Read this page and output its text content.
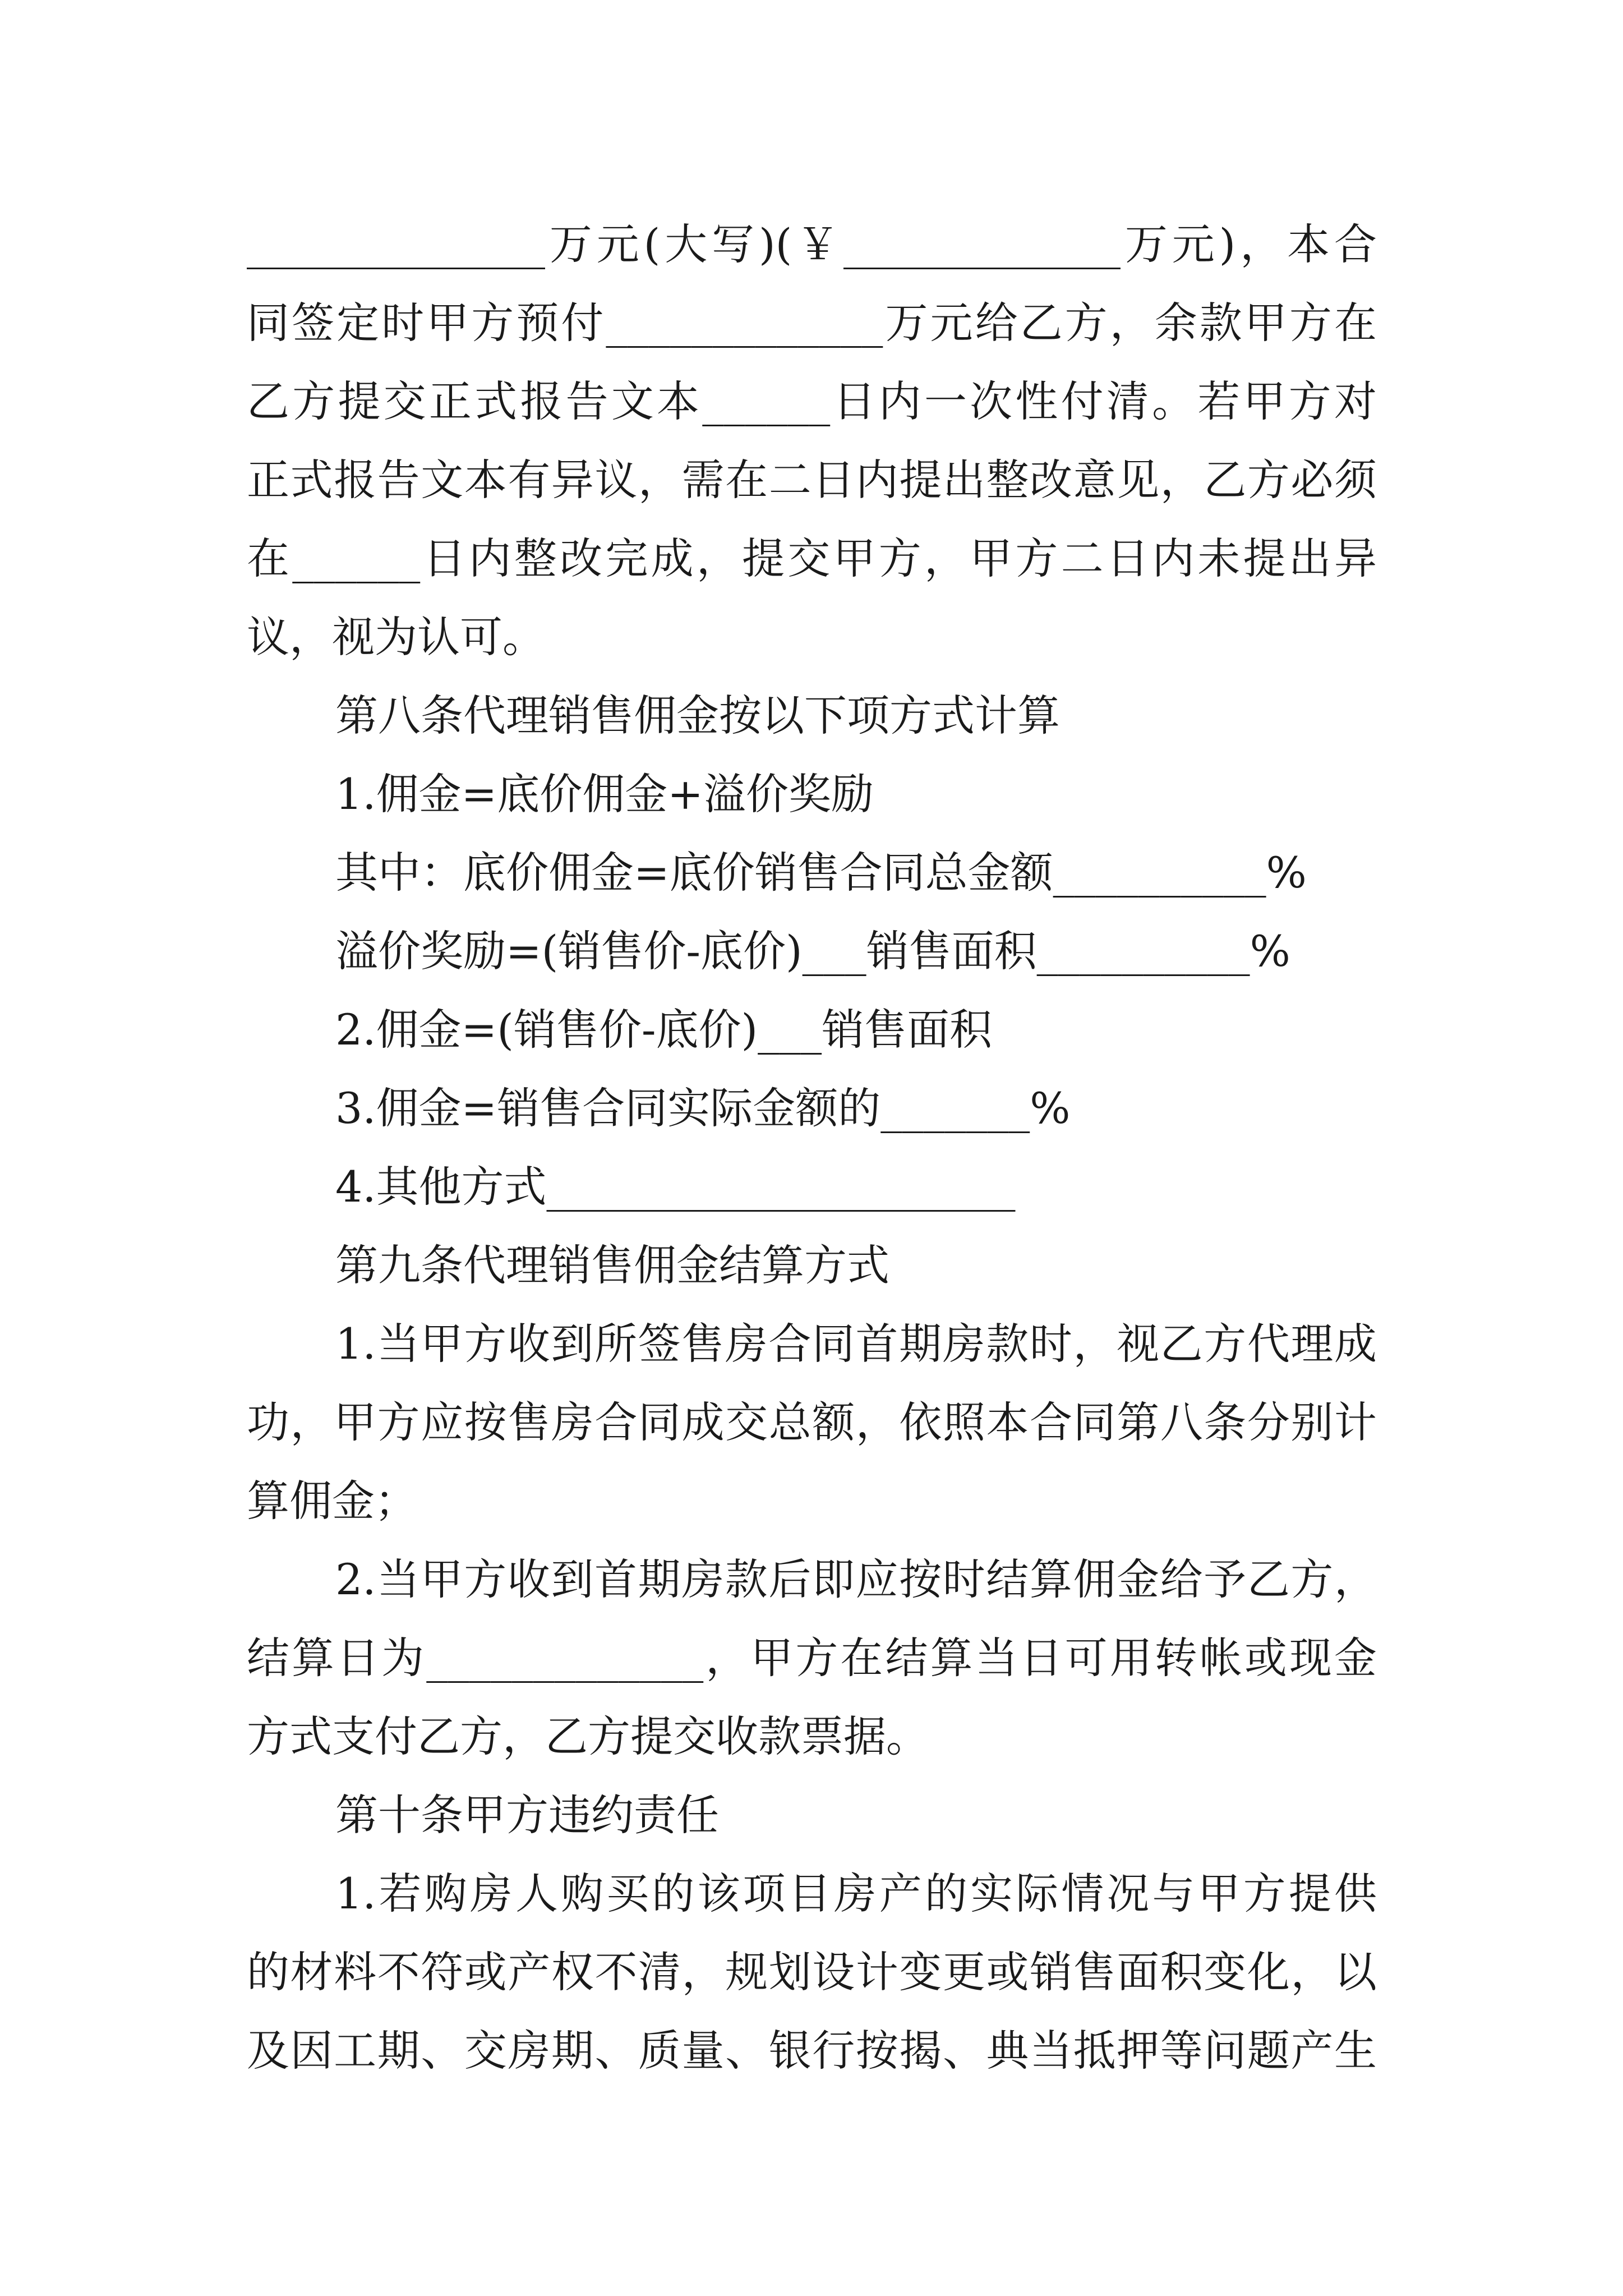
______________万元(大写)(￥_____________万元)，本合
同签定时甲方预付_____________万元给乙方，余款甲方在
乙方提交正式报告文本______日内一次性付清。若甲方对
正式报告文本有异议，需在二日内提出整改意见，乙方必须
在______日内整改完成，提交甲方，甲方二日内未提出异
议，视为认可。
第八条代理销售佣金按以下项方式计算
1.佣金=底价佣金+溢价奖励
其中：底价佣金=底价销售合同总金额__________%
溢价奖励=(销售价-底价)___销售面积__________%
2.佣金=(销售价-底价)___销售面积
3.佣金=销售合同实际金额的_______%
4.其他方式______________________
第九条代理销售佣金结算方式
1.当甲方收到所签售房合同首期房款时，视乙方代理成
功，甲方应按售房合同成交总额，依照本合同第八条分别计
算佣金；
2.当甲方收到首期房款后即应按时结算佣金给予乙方，
结算日为_____________，甲方在结算当日可用转帐或现金
方式支付乙方，乙方提交收款票据。
第十条甲方违约责任
1.若购房人购买的该项目房产的实际情况与甲方提供
的材料不符或产权不清，规划设计变更或销售面积变化，以
及因工期、交房期、质量、银行按揭、典当抵押等问题产生
